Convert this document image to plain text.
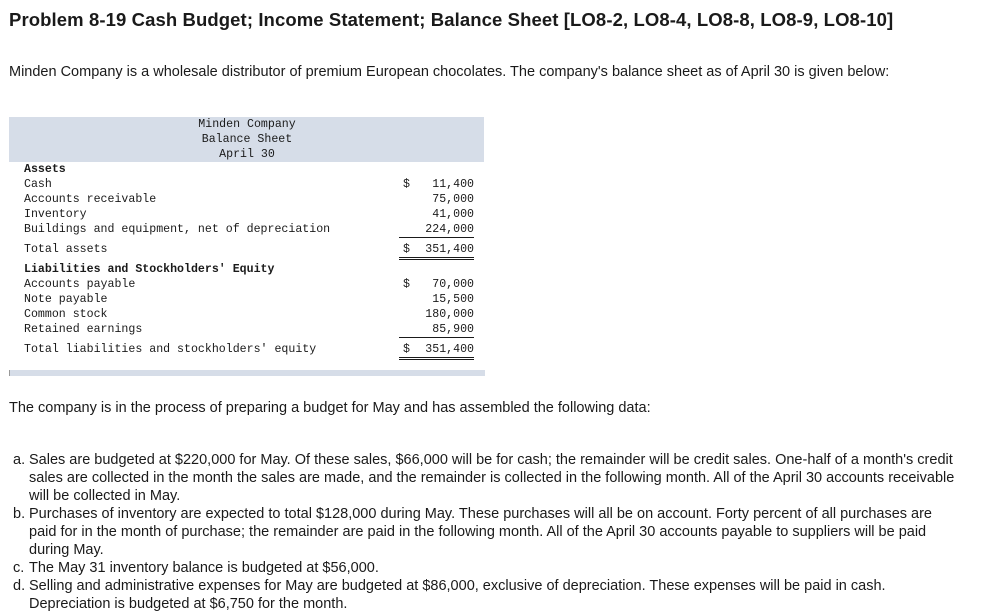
Problem 8-19 Cash Budget; Income Statement; Balance Sheet [LO8-2, LO8-4, LO8-8, LO8-9, LO8-10]

Minden Company is a wholesale distributor of premium European chocolates. The company's balance sheet as of April 30 is given below:

Minden Company
Balance Sheet
April 30
Assets
Cash	$	11,400
Accounts receivable	75,000
Inventory	41,000
Buildings and equipment, net of depreciation	224,000
Total assets	$	351,400
Liabilities and Stockholders' Equity
Accounts payable	$	70,000
Note payable	15,500
Common stock	180,000
Retained earnings	85,900
Total liabilities and stockholders' equity	$	351,400

The company is in the process of preparing a budget for May and has assembled the following data:

a. Sales are budgeted at $220,000 for May. Of these sales, $66,000 will be for cash; the remainder will be credit sales. One-half of a month's credit sales are collected in the month the sales are made, and the remainder is collected in the following month. All of the April 30 accounts receivable will be collected in May.
b. Purchases of inventory are expected to total $128,000 during May. These purchases will all be on account. Forty percent of all purchases are paid for in the month of purchase; the remainder are paid in the following month. All of the April 30 accounts payable to suppliers will be paid during May.
c. The May 31 inventory balance is budgeted at $56,000.
d. Selling and administrative expenses for May are budgeted at $86,000, exclusive of depreciation. These expenses will be paid in cash. Depreciation is budgeted at $6,750 for the month.
